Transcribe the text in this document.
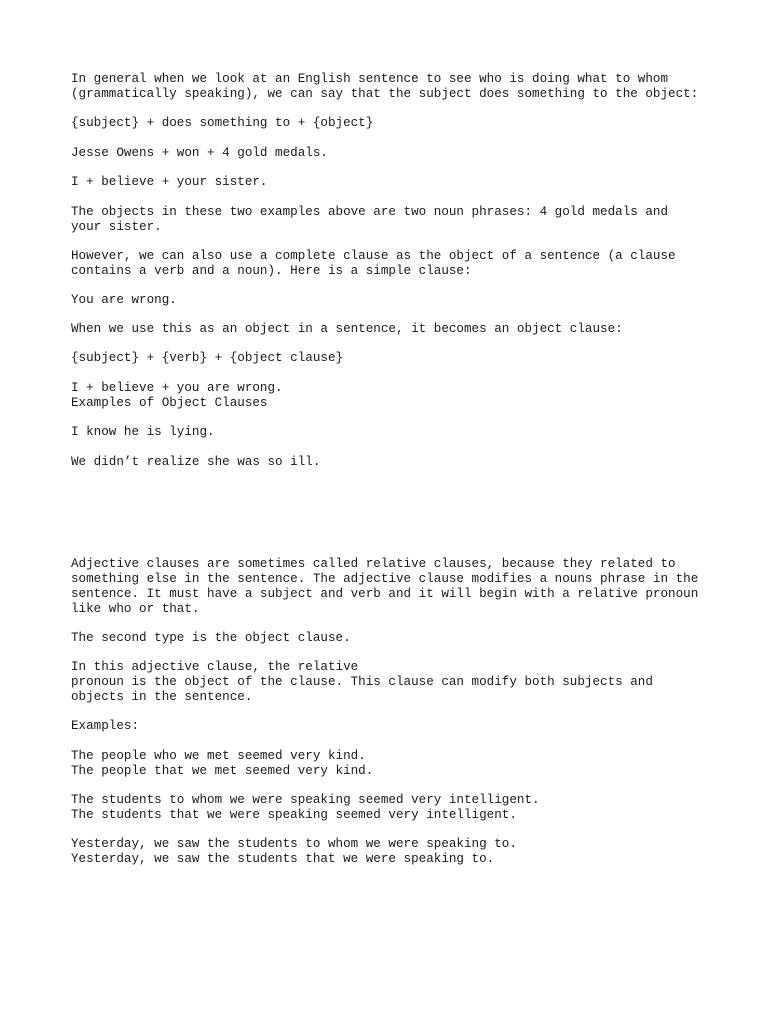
In general when we look at an English sentence to see who is doing what to whom

(grammatically speaking), we can say that the subject does something to the object:

{subject} + does something to + {object}

Jesse Owens + won + 4 gold medals.

I + believe + your sister.

The objects in these two examples above are two noun phrases: 4 gold medals and

your sister.

However, we can also use a complete clause as the object of a sentence (a clause

contains a verb and a noun). Here is a simple clause:

You are wrong.

When we use this as an object in a sentence, it becomes an object clause:

{subject} + {verb} + {object clause}

I + believe + you are wrong.

Examples of Object Clauses

I know he is lying.

We didn’t realize she was so ill.

Adjective clauses are sometimes called relative clauses, because they related to

something else in the sentence. The adjective clause modifies a nouns phrase in the

sentence. It must have a subject and verb and it will begin with a relative pronoun

like who or that.

The second type is the object clause.

In this adjective clause, the relative

pronoun is the object of the clause. This clause can modify both subjects and

objects in the sentence.

Examples:

The people who we met seemed very kind.

The people that we met seemed very kind.

The students to whom we were speaking seemed very intelligent.

The students that we were speaking seemed very intelligent.

Yesterday, we saw the students to whom we were speaking to.

Yesterday, we saw the students that we were speaking to.
